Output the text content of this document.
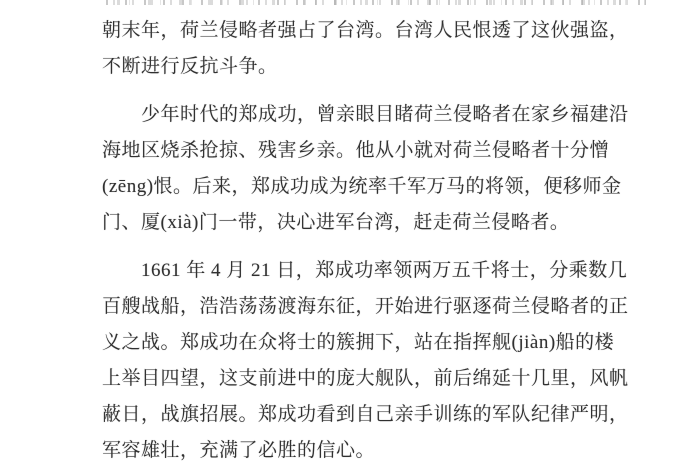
朝末年，荷兰侵略者强占了台湾。台湾人民恨透了这伙强盗，

不断进行反抗斗争。

少年时代的郑成功，曾亲眼目睹荷兰侵略者在家乡福建沿

海地区烧杀抢掠、残害乡亲。他从小就对荷兰侵略者十分憎

(zēng)恨。后来，郑成功成为统率千军万马的将领，便移师金

门、厦(xià)门一带，决心进军台湾，赶走荷兰侵略者。

1661 年 4 月 21 日，郑成功率领两万五千将士，分乘数几

百艘战船，浩浩荡荡渡海东征，开始进行驱逐荷兰侵略者的正

义之战。郑成功在众将士的簇拥下，站在指挥舰(jiàn)船的楼

上举目四望，这支前进中的庞大舰队，前后绵延十几里，风帆

蔽日，战旗招展。郑成功看到自己亲手训练的军队纪律严明，

军容雄壮，充满了必胜的信心。
